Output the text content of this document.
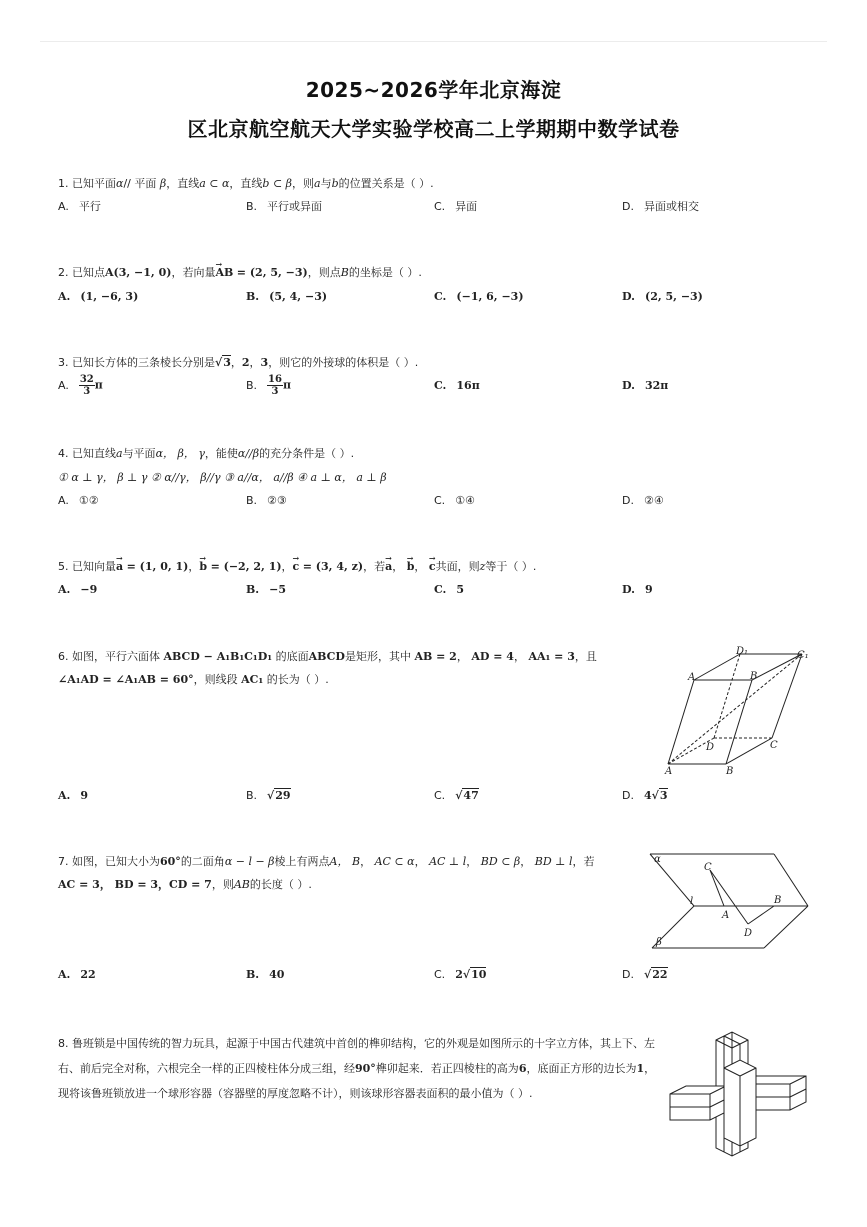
2025~2026学年北京海淀
区北京航空航天大学实验学校高二上学期期中数学试卷
1. 已知平面α// 平面 β，直线a ⊂ α，直线b ⊂ β，则a与b的位置关系是（ ）.
A. 平行	B. 平行或异面	C. 异面	D. 异面或相交
2. 已知点A(3, −1, 0)，若向量→ AB = (2, 5, −3)，则点B的坐标是（ ）.
A. (1, −6, 3)	B. (5, 4, −3)	C. (−1, 6, −3)	D. (2, 5, −3)
3. 已知长方体的三条棱长分别是√3，2，3，则它的外接球的体积是（ ）.
A. $\frac{32}{3}$ π	B. $\frac{16}{3}$ π	C. 16π	D. 32π
4. 已知直线a与平面α， β， γ，能使α//β的充分条件是（ ）.
① α ⊥ γ， β ⊥ γ ② α//γ， β//γ ③ a//α， a//β ④ a ⊥ α， a ⊥ β
A. ①②	B. ②③	C. ①④	D. ②④
5. 已知向量→ a = (1, 0, 1)，→ b = (−2, 2, 1)，→ c = (3, 4, z)，若→ a， → b， → c共面，则z等于（ ）.
A. −9	B. −5	C. 5	D. 9
6. 如图，平行六面体 ABCD − A₁B₁C₁D₁ 的底面ABCD是矩形，其中 AB = 2， AD = 4， AA₁ = 3，且
∠A₁AD = ∠A₁AB = 60°，则线段 AC₁ 的长为（ ）.
D₁	C₁
A	B
D	C
A	B
A. 9	B. √29	C. √47	D. 4√3
7. 如图，已知大小为60°的二面角α − l − β棱上有两点A， B， AC ⊂ α， AC ⊥ l， BD ⊂ β， BD ⊥ l，若
AC = 3， BD = 3，CD = 7，则AB的长度（ ）.
α
β
C
l
A
B
D
A. 22	B. 40	C. 2√10	D. √22
8. 鲁班锁是中国传统的智力玩具，起源于中国古代建筑中首创的榫卯结构，它的外观是如图所示的十字立方体，其上下、左右、前后完全对称，六根完全一样的正四棱柱体分成三组，经90°榫卯起来．若正四棱柱的高为6，底面正方形的边长为1，现将该鲁班锁放进一个球形容器（容器壁的厚度忽略不计），则该球形容器表面积的最小值为（ ）.
